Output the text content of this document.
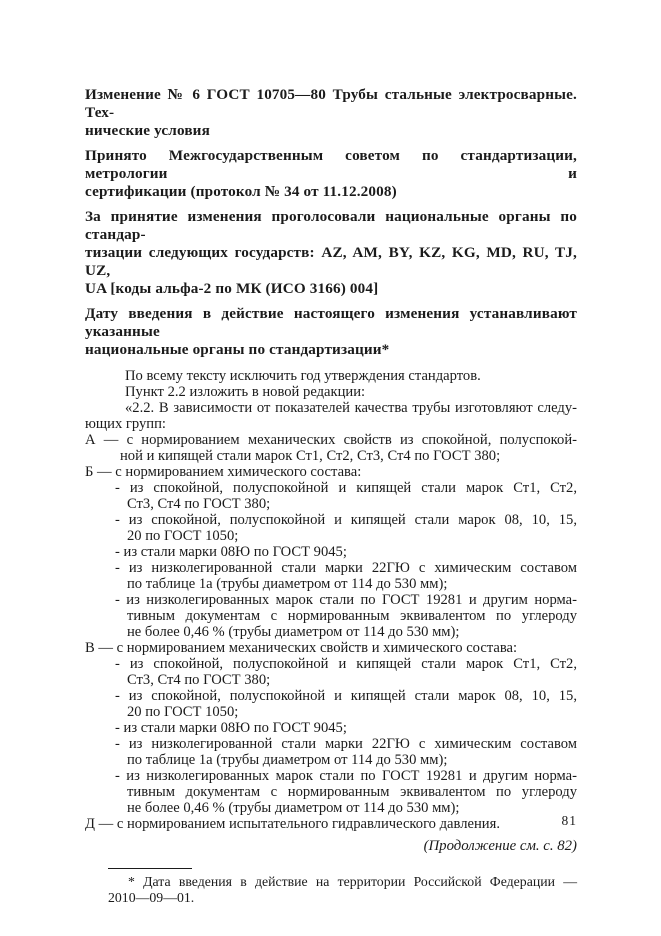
Изменение № 6 ГОСТ 10705—80 Трубы стальные электросварные. Тех-
нические условия
Принято Межгосударственным советом по стандартизации, метрологии и
сертификации (протокол № 34 от 11.12.2008)
За принятие изменения проголосовали национальные органы по стандар-
тизации следующих государств: AZ, AM, BY, KZ, KG, MD, RU, TJ, UZ,
UA [коды альфа-2 по МК (ИСО 3166) 004]
Дату введения в действие настоящего изменения устанавливают указанные
национальные органы по стандартизации*
По всему тексту исключить год утверждения стандартов.
Пункт 2.2 изложить в новой редакции:
«2.2. В зависимости от показателей качества трубы изготовляют следу-
ющих групп:
А — с нормированием механических свойств из спокойной, полуспокой-
ной и кипящей стали марок Ст1, Ст2, Ст3, Ст4 по ГОСТ 380;
Б — с нормированием химического состава:
- из спокойной, полуспокойной и кипящей стали марок Ст1, Ст2,
Ст3, Ст4 по ГОСТ 380;
- из спокойной, полуспокойной и кипящей стали марок 08, 10, 15,
20 по ГОСТ 1050;
- из стали марки 08Ю по ГОСТ 9045;
- из низколегированной стали марки 22ГЮ с химическим составом
по таблице 1а (трубы диаметром от 114 до 530 мм);
- из низколегированных марок стали по ГОСТ 19281 и другим норма-
тивным документам с нормированным эквивалентом по углероду
не более 0,46 % (трубы диаметром от 114 до 530 мм);
В — с нормированием механических свойств и химического состава:
- из спокойной, полуспокойной и кипящей стали марок Ст1, Ст2,
Ст3, Ст4 по ГОСТ 380;
- из спокойной, полуспокойной и кипящей стали марок 08, 10, 15,
20 по ГОСТ 1050;
- из стали марки 08Ю по ГОСТ 9045;
- из низколегированной стали марки 22ГЮ с химическим составом
по таблице 1а (трубы диаметром от 114 до 530 мм);
- из низколегированных марок стали по ГОСТ 19281 и другим норма-
тивным документам с нормированным эквивалентом по углероду
не более 0,46 % (трубы диаметром от 114 до 530 мм);
Д — с нормированием испытательного гидравлического давления.
(Продолжение см. с. 82)
* Дата введения в действие на территории Российской Федерации —
2010—09—01.
81
